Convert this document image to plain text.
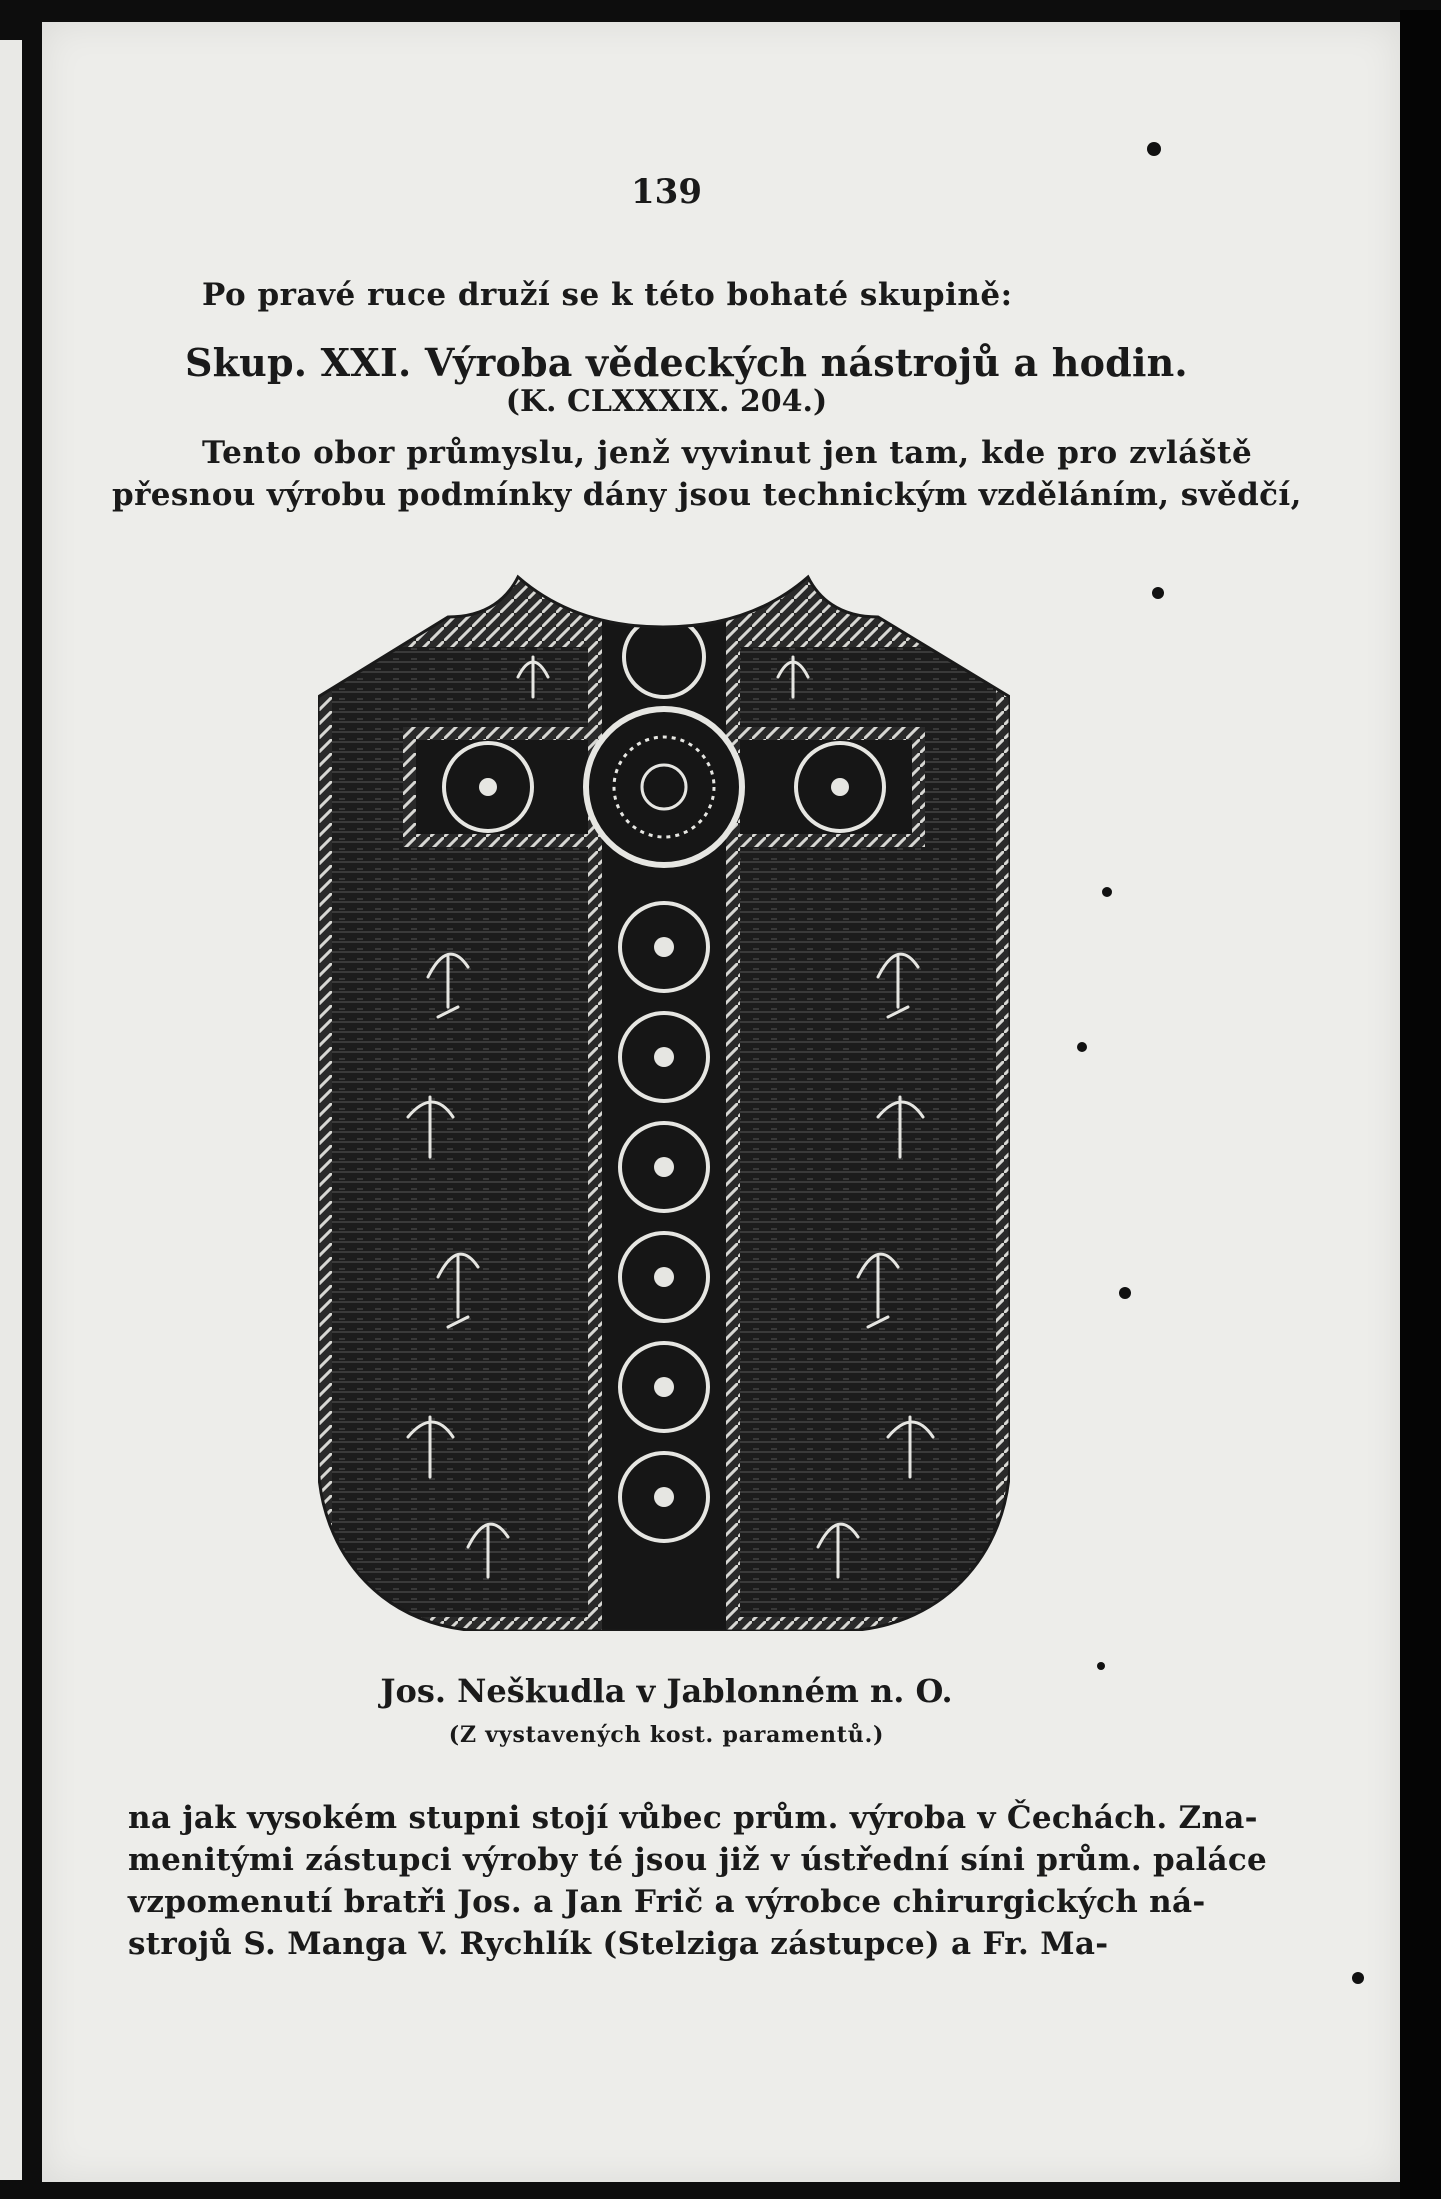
139
Po pravé ruce druží se k této bohaté skupině:
Skup. XXI. Výroba vědeckých nástrojů a hodin.
(K. CLXXXIX. 204.)
Tento obor průmyslu, jenž vyvinut jen tam, kde pro zvláště
přesnou výrobu podmínky dány jsou technickým vzděláním, svědčí,
Jos. Neškudla v Jablonném n. O.
(Z vystavených kost. paramentů.)
na jak vysokém stupni stojí vůbec prům. výroba v Čechách. Zna-
menitými zástupci výroby té jsou již v ústřední síni prům. paláce
vzpomenutí bratři Jos. a Jan Frič a výrobce chirurgických ná-
strojů S. Manga V. Rychlík (Stelziga zástupce) a Fr. Ma-
